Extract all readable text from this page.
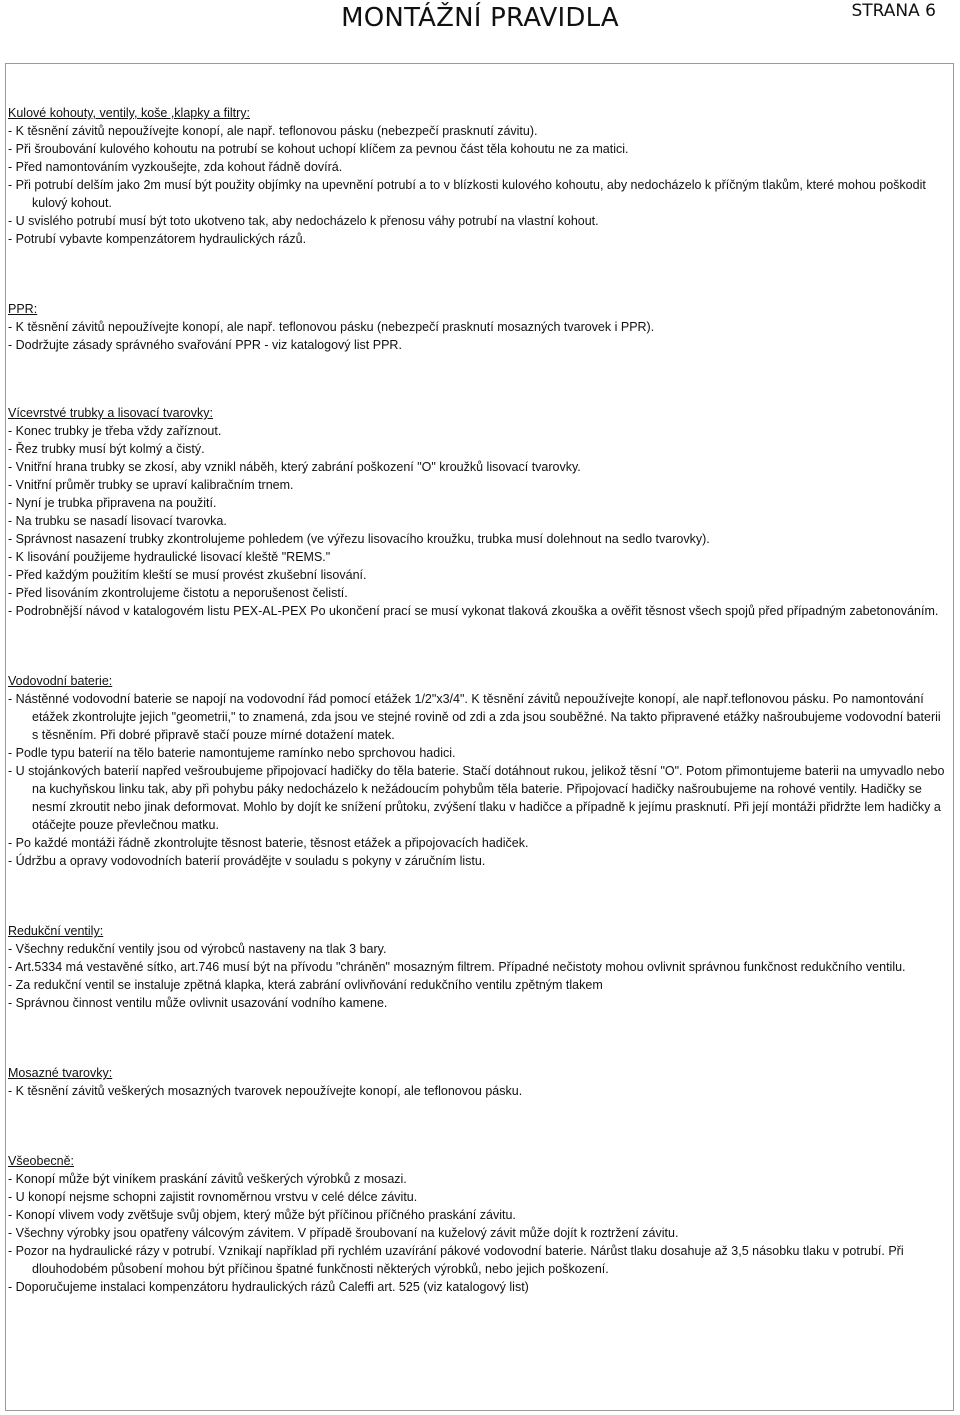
MONTÁŽNÍ PRAVIDLA	STRANA 6

Kulové kohouty, ventily, koše ,klapky a filtry:

- K těsnění závitů nepoužívejte konopí, ale např. teflonovou pásku (nebezpečí prasknutí závitu).

- Při šroubování kulového kohoutu na potrubí se kohout uchopí klíčem za pevnou část těla kohoutu ne za matici.

- Před namontováním vyzkoušejte, zda kohout řádně dovírá.

- Při potrubí delším jako 2m musí být použity objímky na upevnění potrubí a to v blízkosti kulového kohoutu, aby nedocházelo k příčným tlakům, které mohou poškodit kulový kohout.

- U svislého potrubí musí být toto ukotveno tak, aby nedocházelo k přenosu váhy potrubí na vlastní kohout.

- Potrubí vybavte kompenzátorem hydraulických rázů.

PPR:

- K těsnění závitů nepoužívejte konopí, ale např. teflonovou pásku (nebezpečí prasknutí mosazných tvarovek i PPR).

- Dodržujte zásady správného svařování PPR - viz katalogový list PPR.

Vícevrstvé trubky a lisovací tvarovky:

- Konec trubky je třeba vždy zaříznout.

- Řez trubky musí být kolmý a čistý.

- Vnitřní hrana trubky se zkosí, aby vznikl náběh, který zabrání poškození "O" kroužků lisovací tvarovky.

- Vnitřní průměr trubky se upraví kalibračním trnem.

- Nyní je trubka připravena na použití.

- Na trubku se nasadí lisovací tvarovka.

- Správnost nasazení trubky zkontrolujeme pohledem (ve výřezu lisovacího kroužku, trubka musí dolehnout na sedlo tvarovky).

- K lisování použijeme hydraulické lisovací kleště "REMS."

- Před každým použitím kleští se musí provést zkušební lisování.

- Před lisováním zkontrolujeme čistotu a neporušenost čelistí.

- Podrobnější návod v katalogovém listu PEX-AL-PEX Po ukončení prací se musí vykonat tlaková zkouška a ověřit těsnost všech spojů před případným zabetonováním.

Vodovodní baterie:

- Nástěnné vodovodní baterie se napojí na vodovodní řád pomocí etážek 1/2"x3/4". K těsnění závitů nepoužívejte konopí, ale např.teflonovou pásku. Po namontování etážek zkontrolujte jejich "geometrii," to znamená, zda jsou ve stejné rovině od zdi a zda jsou souběžné. Na takto připravené etážky našroubujeme vodovodní baterii s těsněním. Při dobré připravě stačí pouze mírné dotažení matek.

- Podle typu baterií na tělo baterie namontujeme ramínko nebo sprchovou hadici.

- U stojánkových baterií napřed vešroubujeme připojovací hadičky do těla baterie. Stačí dotáhnout rukou, jelikož těsní "O". Potom přimontujeme baterii na umyvadlo nebo na kuchyňskou linku tak, aby při pohybu páky nedocházelo k nežádoucím pohybům těla baterie. Připojovací hadičky našroubujeme na rohové ventily. Hadičky se nesmí zkroutit nebo jinak deformovat. Mohlo by dojít ke snížení průtoku, zvýšení tlaku v hadičce a případně k jejímu prasknutí. Při její montáži přidržte lem hadičky a otáčejte pouze převlečnou matku.

- Po každé montáži řádně zkontrolujte těsnost baterie, těsnost etážek a připojovacích hadiček.

- Údržbu a opravy vodovodních baterií provádějte v souladu s pokyny v záručním listu.

Redukční ventily:

- Všechny redukční ventily jsou od výrobců nastaveny na tlak 3 bary.

- Art.5334 má vestavěné sítko, art.746 musí být na přívodu "chráněn" mosazným filtrem. Případné nečistoty mohou ovlivnit správnou funkčnost redukčního ventilu.

- Za redukční ventil se instaluje zpětná klapka, která zabrání ovlivňování redukčního ventilu zpětným tlakem

- Správnou činnost ventilu může ovlivnit usazování vodního kamene.

Mosazné tvarovky:

- K těsnění závitů veškerých mosazných tvarovek nepoužívejte konopí, ale teflonovou pásku.

Všeobecně:

- Konopí může být viníkem praskání závitů veškerých výrobků z mosazi.

- U konopí nejsme schopni zajistit rovnoměrnou vrstvu v celé délce závitu.

- Konopí vlivem vody zvětšuje svůj objem, který může být příčinou příčného praskání závitu.

- Všechny výrobky jsou opatřeny válcovým závitem. V případě šroubovaní na kuželový závit může dojít k roztržení závitu.

- Pozor na hydraulické rázy v potrubí. Vznikají například při rychlém uzavírání pákové vodovodní baterie. Nárůst tlaku dosahuje až 3,5 násobku tlaku v potrubí. Při dlouhodobém působení mohou být příčinou špatné funkčnosti některých výrobků, nebo jejich poškození.

- Doporučujeme instalaci kompenzátoru hydraulických rázů Caleffi art. 525 (viz katalogový list)
